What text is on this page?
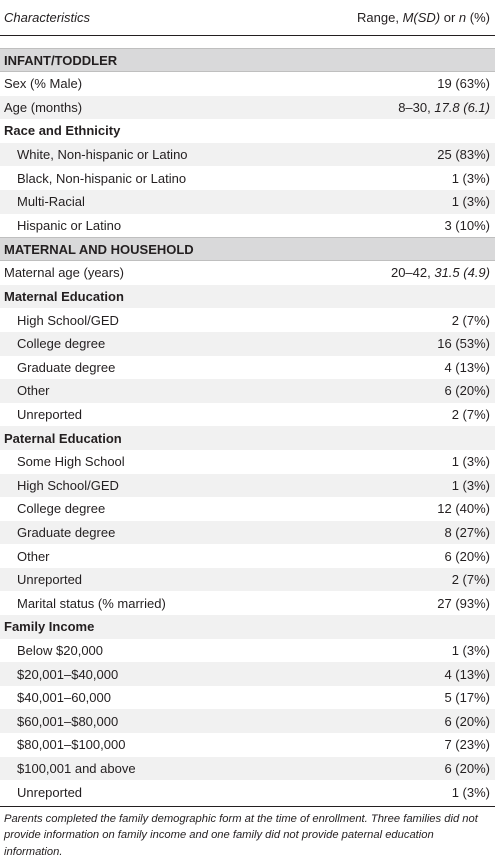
Characteristics	Range, M(SD) or n (%)
INFANT/TODDLER
Sex (% Male)	19 (63%)
Age (months)	8–30, 17.8 (6.1)
Race and Ethnicity
White, Non-hispanic or Latino	25 (83%)
Black, Non-hispanic or Latino	1 (3%)
Multi-Racial	1 (3%)
Hispanic or Latino	3 (10%)
MATERNAL AND HOUSEHOLD
Maternal age (years)	20–42, 31.5 (4.9)
Maternal Education
High School/GED	2 (7%)
College degree	16 (53%)
Graduate degree	4 (13%)
Other	6 (20%)
Unreported	2 (7%)
Paternal Education
Some High School	1 (3%)
High School/GED	1 (3%)
College degree	12 (40%)
Graduate degree	8 (27%)
Other	6 (20%)
Unreported	2 (7%)
Marital status (% married)	27 (93%)
Family Income
Below $20,000	1 (3%)
$20,001–$40,000	4 (13%)
$40,001–60,000	5 (17%)
$60,001–$80,000	6 (20%)
$80,001–$100,000	7 (23%)
$100,001 and above	6 (20%)
Unreported	1 (3%)
Parents completed the family demographic form at the time of enrollment. Three families did not provide information on family income and one family did not provide paternal education information.
